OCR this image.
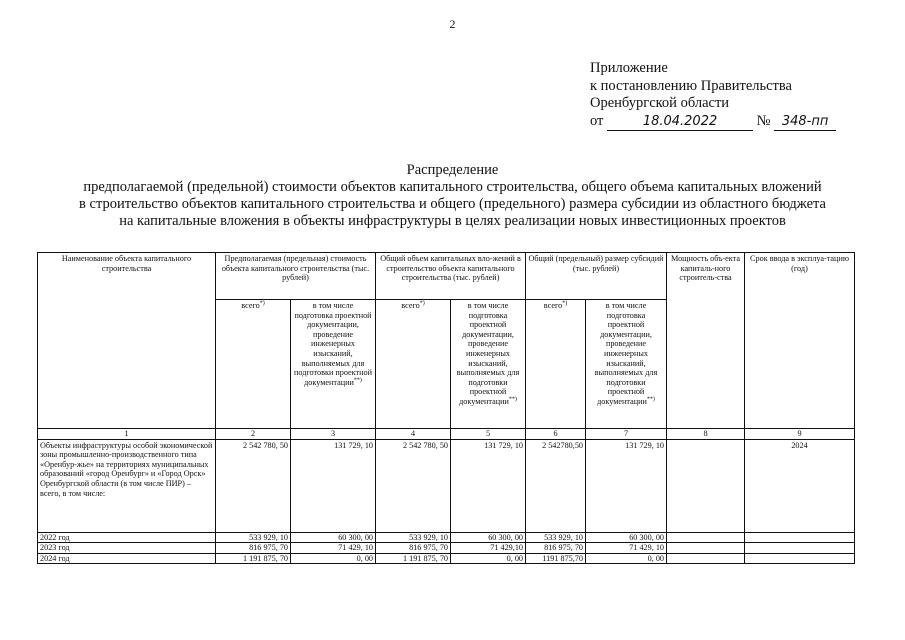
2
Приложение
к постановлению Правительства
Оренбургской области
от	18.04.2022	№ 348-пп
Распределение
предполагаемой (предельной) стоимости объектов капитального строительства, общего объема капитальных вложений
в строительство объектов капитального строительства и общего (предельного) размера субсидии из областного бюджета
на капитальные вложения в объекты инфраструктуры в целях реализации новых инвестиционных проектов
Наименование объекта капитального строительства	Предполагаемая (предельная) стоимость объекта капитального строительства (тыс. рублей)		Общий объем капитальных вло-жений в строительство объекта капитального строительства (тыс. рублей)		Общий (предельный) размер субсидий (тыс. рублей)		Мощность объ-екта капиталь-ного строитель-ства	Срок ввода в эксплуа-тацию (год)
	всего*)	в том числе подготовка проектной документации, проведение инженерных изысканий, выполняемых для подготовки проектной документации**)	всего*)	в том числе подготовка проектной документации, проведение инженерных изысканий, выполняемых для подготовки проектной документации**)	всего*)	в том числе подготовка проектной документации, проведение инженерных изысканий, выполняемых для подготовки проектной документации**)
1	2	3	4	5	6	7	8	9
Объекты инфраструктуры особой экономической зоны промышленно-производственного типа «Оренбур-жье» на территориях муниципальных образований «город Оренбург» и «Город Орск» Оренбургской области (в том числе ПИР) – всего, в том числе:	2 542 780, 50	131 729, 10	2 542 780, 50	131 729, 10	2 542780,50	131 729, 10		2024
2022 год	533 929, 10	60 300, 00	533 929, 10	60 300, 00	533 929, 10	60 300, 00		
2023 год	816 975, 70	71 429, 10	816 975, 70	71 429,10	816 975, 70	71 429, 10		
2024 год	1 191 875, 70	0, 00	1 191 875, 70	0, 00	1191 875,70	0, 00		
